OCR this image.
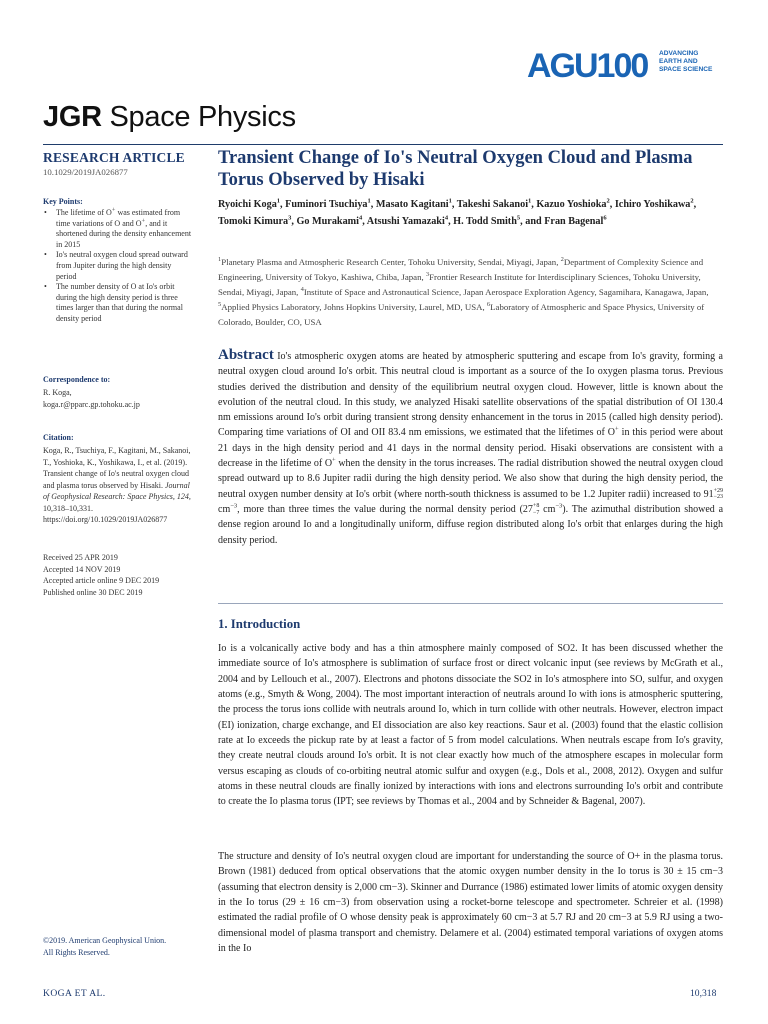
AGU100 ADVANCING
EARTH AND
SPACE SCIENCE
JGR Space Physics
RESEARCH ARTICLE
10.1029/2019JA026877
Key Points:
• The lifetime of O+ was estimated from time variations of O and O+, and it shortened during the density enhancement in 2015
• Io's neutral oxygen cloud spread outward from Jupiter during the high density period
• The number density of O at Io's orbit during the high density period is three times larger than that during the normal density period
Correspondence to:
R. Koga,
koga.r@pparc.gp.tohoku.ac.jp
Citation:
Koga, R., Tsuchiya, F., Kagitani, M., Sakanoi, T., Yoshioka, K., Yoshikawa, I., et al. (2019). Transient change of Io's neutral oxygen cloud and plasma torus observed by Hisaki. Journal of Geophysical Research: Space Physics, 124, 10,318–10,331. https://doi.org/10.1029/2019JA026877
Received 25 APR 2019
Accepted 14 NOV 2019
Accepted article online 9 DEC 2019
Published online 30 DEC 2019
©2019. American Geophysical Union.
All Rights Reserved.
Transient Change of Io's Neutral Oxygen Cloud and Plasma Torus Observed by Hisaki
Ryoichi Koga$^1$, Fuminori Tsuchiya$^1$, Masato Kagitani$^1$, Takeshi Sakanoi$^1$, Kazuo Yoshioka$^2$, Ichiro Yoshikawa$^2$, Tomoki Kimura$^3$, Go Murakami$^4$, Atsushi Yamazaki$^4$, H. Todd Smith$^5$, and Fran Bagenal$^6$
$^1$Planetary Plasma and Atmospheric Research Center, Tohoku University, Sendai, Miyagi, Japan, $^2$Department of Complexity Science and Engineering, University of Tokyo, Kashiwa, Chiba, Japan, $^3$Frontier Research Institute for Interdisciplinary Sciences, Tohoku University, Sendai, Miyagi, Japan, $^4$Institute of Space and Astronautical Science, Japan Aerospace Exploration Agency, Sagamihara, Kanagawa, Japan, $^5$Applied Physics Laboratory, Johns Hopkins University, Laurel, MD, USA, $^6$Laboratory of Atmospheric and Space Physics, University of Colorado, Boulder, CO, USA
Abstract Io's atmospheric oxygen atoms are heated by atmospheric sputtering and escape from Io's gravity, forming a neutral oxygen cloud around Io's orbit. This neutral cloud is important as a source of the Io oxygen plasma torus. Previous studies derived the distribution and density of the equilibrium neutral oxygen cloud. However, little is known about the evolution of the neutral cloud. In this study, we analyzed Hisaki satellite observations of the spatial distribution of OI 130.4 nm emissions around Io's orbit during transient strong density enhancement in the torus in 2015 (called high density period). Comparing time variations of OI and OII 83.4 nm emissions, we estimated that the lifetimes of O+ in this period were about 21 days in the high density period and 41 days in the normal density period. Hisaki observations are consistent with a decrease in the lifetime of O+ when the density in the torus increases. The radial distribution showed the neutral oxygen cloud spread outward up to 8.6 Jupiter radii during the high density period. We also show that during the high density period, the neutral oxygen number density at Io's orbit (where north-south thickness is assumed to be 1.2 Jupiter radii) increased to 91+29
−23 $cm^{-3}$, more than three times the value during the normal density period (27+8
−7 $cm^{-3}$). The azimuthal distribution showed a dense region around Io and a longitudinally uniform, diffuse region distributed along Io's orbit that enlarges during the high density period.
1. Introduction

Io is a volcanically active body and has a thin atmosphere mainly composed of SO2. It has been discussed whether the immediate source of Io's atmosphere is sublimation of surface frost or direct volcanic input (see reviews by McGrath et al., 2004 and by Lellouch et al., 2007). Electrons and photons dissociate the SO2 in Io's atmosphere into SO, sulfur, and oxygen atoms (e.g., Smyth & Wong, 2004). The most important interaction of neutrals around Io with ions is atmospheric sputtering, the process the torus ions collide with neutrals around Io, which in turn collide with other neutrals. However, electron impact (EI) ionization, charge exchange, and EI dissociation are also key reactions. Saur et al. (2003) found that the elastic collision rate at Io exceeds the pickup rate by at least a factor of 5 from model calculations. When neutrals escape from Io's gravity, they create neutral clouds around Io's orbit. It is not clear exactly how much of the atmosphere escapes in molecular form versus escaping as clouds of co-orbiting neutral atomic sulfur and oxygen (e.g., Dols et al., 2008, 2012). Oxygen and sulfur atoms in these neutral clouds are finally ionized by interactions with ions and electrons surrounding Io's orbit and contribute to create the Io plasma torus (IPT; see reviews by Thomas et al., 2004 and by Schneider & Bagenal, 2007).

The structure and density of Io's neutral oxygen cloud are important for understanding the source of O+ in the plasma torus. Brown (1981) deduced from optical observations that the atomic oxygen number density in the Io torus is 30 ± 15 cm−3 (assuming that electron density is 2,000 cm−3). Skinner and Durrance (1986) estimated lower limits of atomic oxygen density in the Io torus (29 ± 16 cm−3) from observation using a rocket-borne telescope and spectrometer. Schreier et al. (1998) estimated the radial profile of O whose density peak is approximately 60 cm−3 at 5.7 RJ and 20 cm−3 at 5.9 RJ using a two-dimensional model of plasma transport and chemistry. Delamere et al. (2004) estimated temporal variations of oxygen atoms in the Io

KOGA ET AL.	10,318
